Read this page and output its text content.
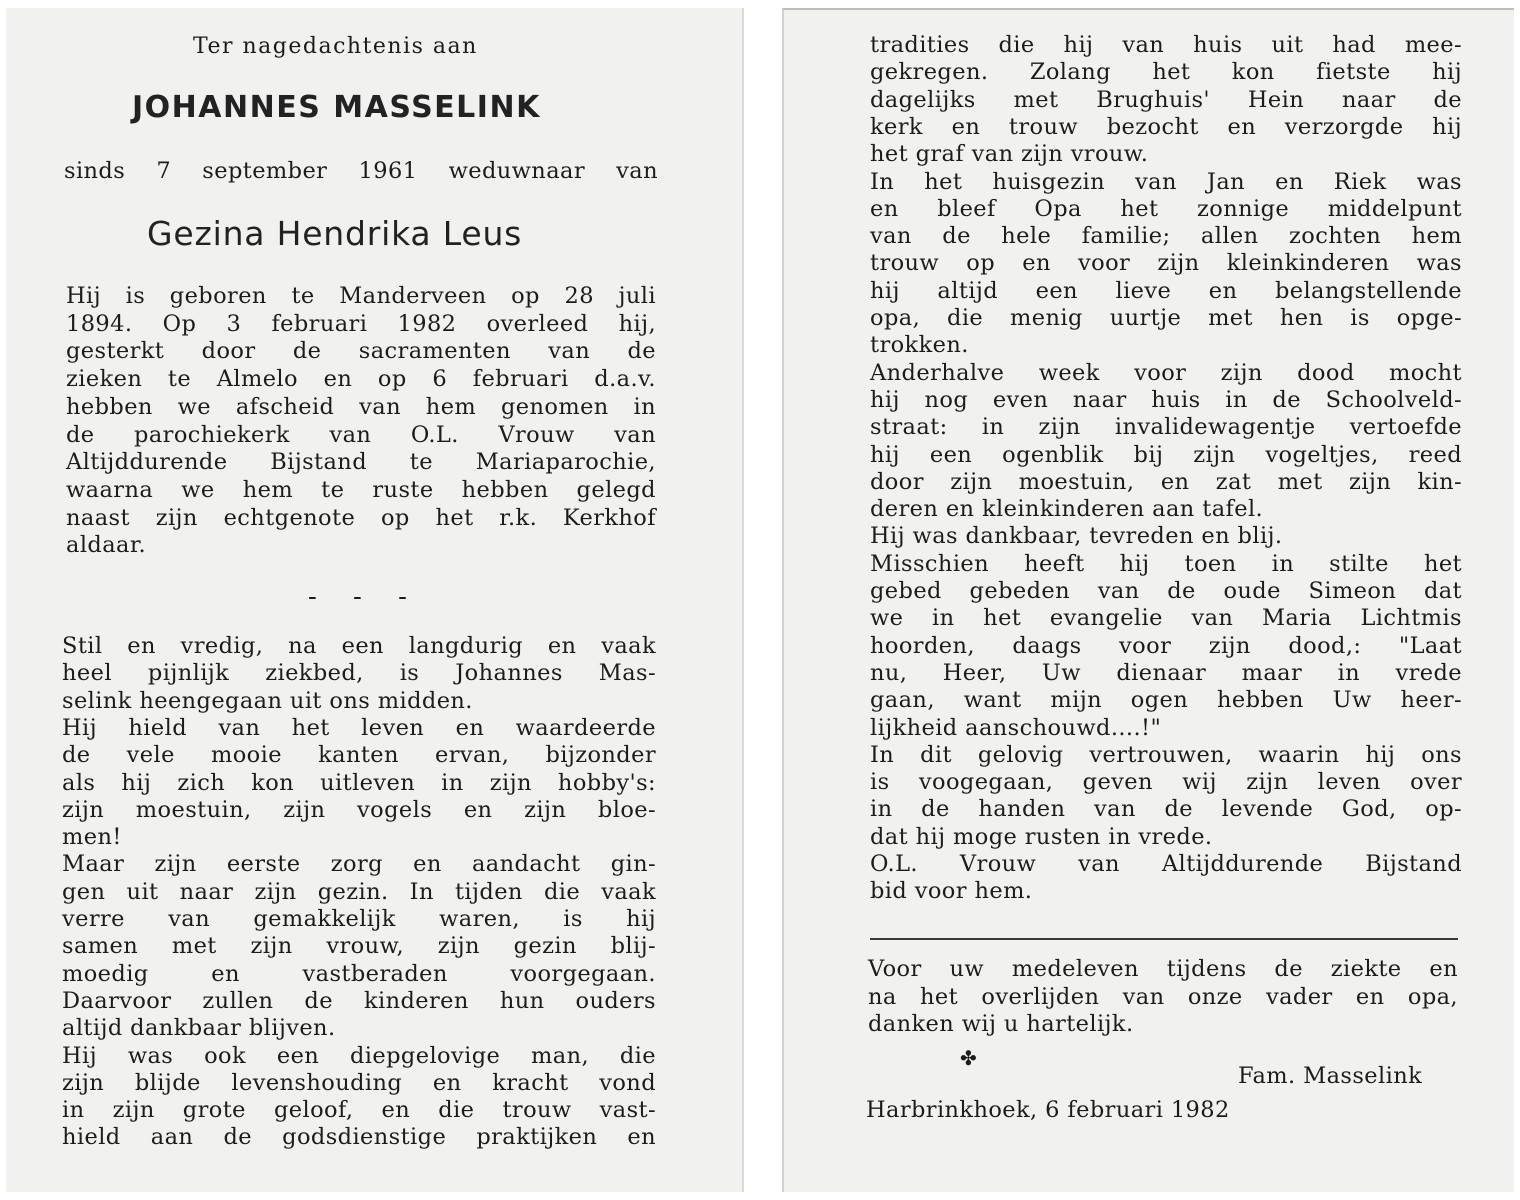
Ter nagedachtenis aan
JOHANNES MASSELINK
sinds 7 september 1961 weduwnaar van
Gezina Hendrika Leus
Hij is geboren te Manderveen op 28 juli
1894. Op 3 februari 1982 overleed hij,
gesterkt door de sacramenten van de
zieken te Almelo en op 6 februari d.a.v.
hebben we afscheid van hem genomen in
de parochiekerk van O.L. Vrouw van
Altijddurende Bijstand te Mariaparochie,
waarna we hem te ruste hebben gelegd
naast zijn echtgenote op het r.k. Kerkhof
aldaar.
- - -
Stil en vredig, na een langdurig en vaak
heel pijnlijk ziekbed, is Johannes Mas-
selink heengegaan uit ons midden.
Hij hield van het leven en waardeerde
de vele mooie kanten ervan, bijzonder
als hij zich kon uitleven in zijn hobby's:
zijn moestuin, zijn vogels en zijn bloe-
men!
Maar zijn eerste zorg en aandacht gin-
gen uit naar zijn gezin. In tijden die vaak
verre van gemakkelijk waren, is hij
samen met zijn vrouw, zijn gezin blij-
moedig en vastberaden voorgegaan.
Daarvoor zullen de kinderen hun ouders
altijd dankbaar blijven.
Hij was ook een diepgelovige man, die
zijn blijde levenshouding en kracht vond
in zijn grote geloof, en die trouw vast-
hield aan de godsdienstige praktijken en
tradities die hij van huis uit had mee-
gekregen. Zolang het kon fietste hij
dagelijks met Brughuis' Hein naar de
kerk en trouw bezocht en verzorgde hij
het graf van zijn vrouw.
In het huisgezin van Jan en Riek was
en bleef Opa het zonnige middelpunt
van de hele familie; allen zochten hem
trouw op en voor zijn kleinkinderen was
hij altijd een lieve en belangstellende
opa, die menig uurtje met hen is opge-
trokken.
Anderhalve week voor zijn dood mocht
hij nog even naar huis in de Schoolveld-
straat: in zijn invalidewagentje vertoefde
hij een ogenblik bij zijn vogeltjes, reed
door zijn moestuin, en zat met zijn kin-
deren en kleinkinderen aan tafel.
Hij was dankbaar, tevreden en blij.
Misschien heeft hij toen in stilte het
gebed gebeden van de oude Simeon dat
we in het evangelie van Maria Lichtmis
hoorden, daags voor zijn dood,: "Laat
nu, Heer, Uw dienaar maar in vrede
gaan, want mijn ogen hebben Uw heer-
lijkheid aanschouwd....!"
In dit gelovig vertrouwen, waarin hij ons
is voogegaan, geven wij zijn leven over
in de handen van de levende God, op-
dat hij moge rusten in vrede.
O.L. Vrouw van Altijddurende Bijstand
bid voor hem.
Voor uw medeleven tijdens de ziekte en
na het overlijden van onze vader en opa,
danken wij u hartelijk.
✤
Fam. Masselink
Harbrinkhoek, 6 februari 1982
